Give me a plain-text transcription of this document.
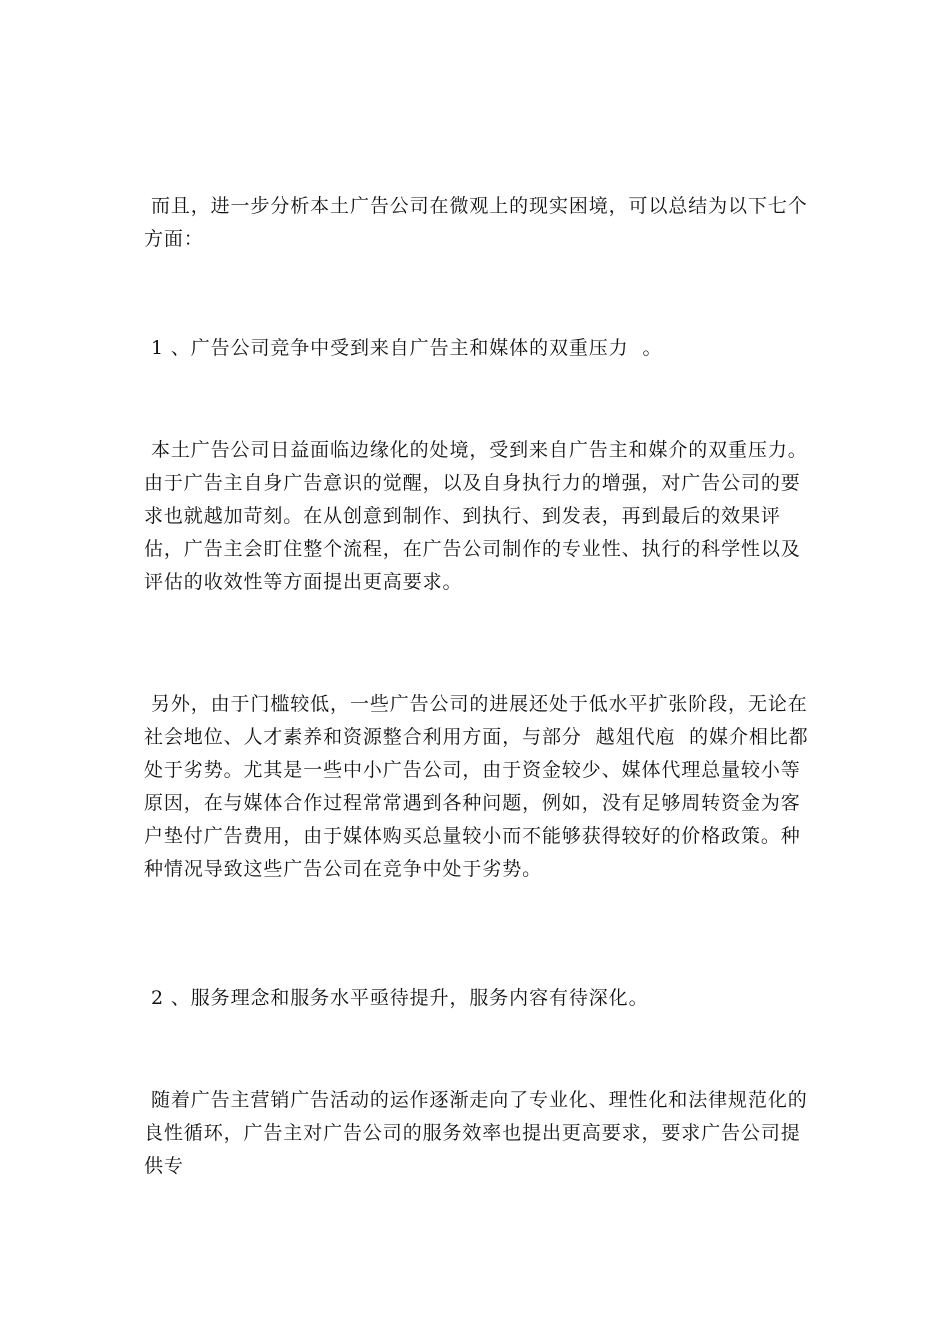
而且，进一步分析本土广告公司在微观上的现实困境，可以总结为以下七个方面：

1 、广告公司竞争中受到来自广告主和媒体的双重压力  。

本土广告公司日益面临边缘化的处境，受到来自广告主和媒介的双重压力。由于广告主自身广告意识的觉醒，以及自身执行力的增强，对广告公司的要求也就越加苛刻。在从创意到制作、到执行、到发表，再到最后的效果评估，广告主会盯住整个流程，在广告公司制作的专业性、执行的科学性以及评估的收效性等方面提出更高要求。

另外，由于门槛较低，一些广告公司的进展还处于低水平扩张阶段，无论在社会地位、人才素养和资源整合利用方面，与部分  越俎代庖  的媒介相比都处于劣势。尤其是一些中小广告公司，由于资金较少、媒体代理总量较小等原因，在与媒体合作过程常常遇到各种问题，例如，没有足够周转资金为客户垫付广告费用，由于媒体购买总量较小而不能够获得较好的价格政策。种种情况导致这些广告公司在竞争中处于劣势。

2 、服务理念和服务水平亟待提升，服务内容有待深化。

随着广告主营销广告活动的运作逐渐走向了专业化、理性化和法律规范化的良性循环，广告主对广告公司的服务效率也提出更高要求，要求广告公司提供专
